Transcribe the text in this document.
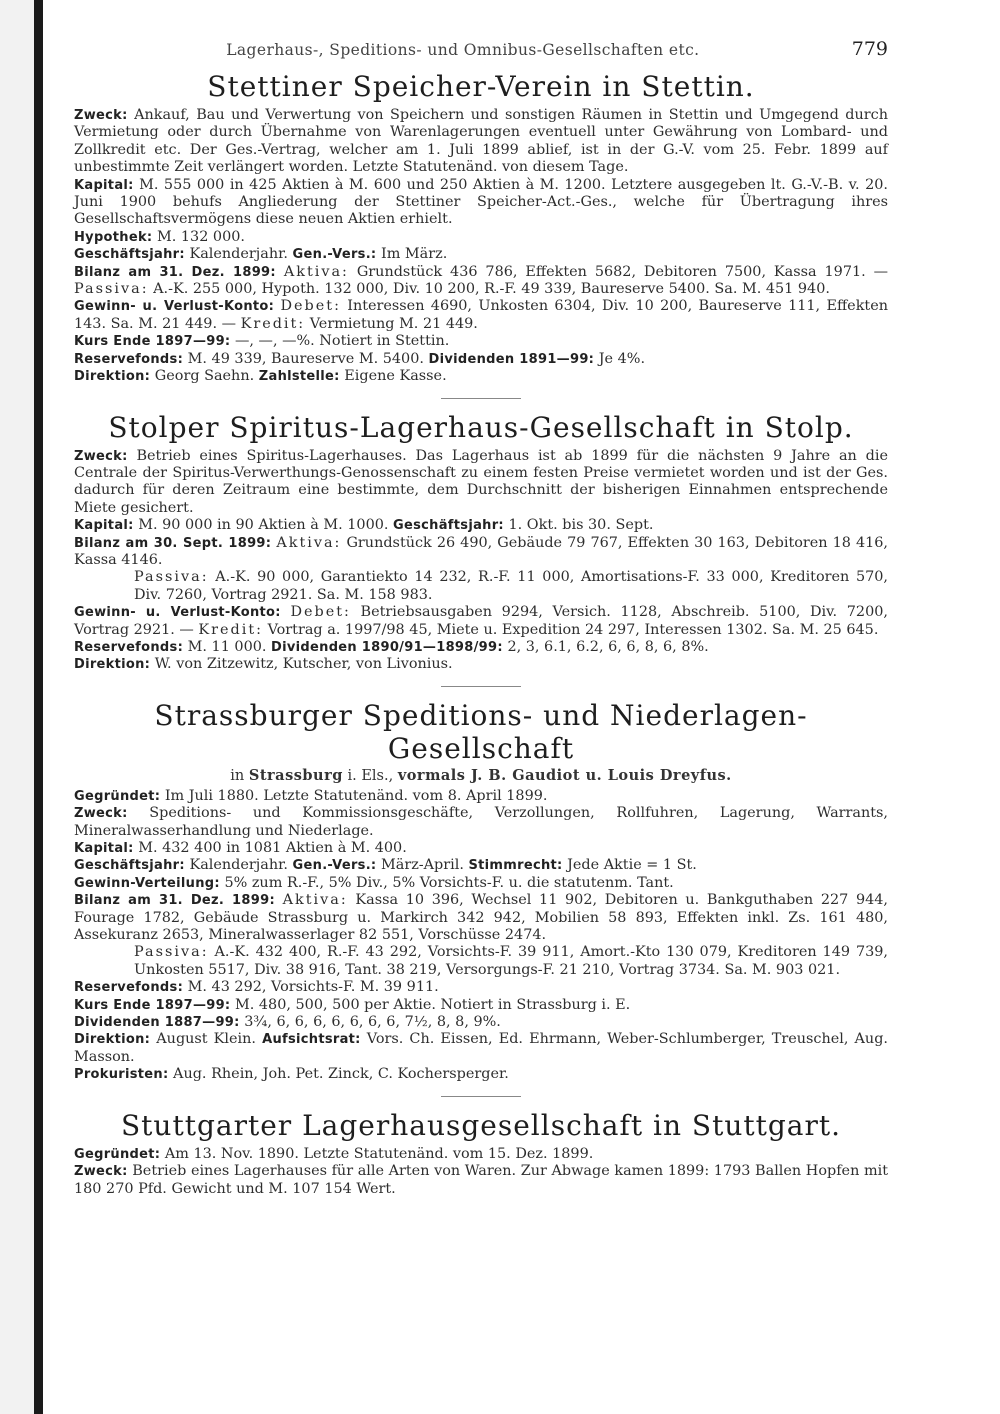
Lagerhaus-, Speditions- und Omnibus-Gesellschaften etc.	779
Stettiner Speicher-Verein in Stettin.

Zweck: Ankauf, Bau und Verwertung von Speichern und sonstigen Räumen in Stettin und Umgegend durch Vermietung oder durch Übernahme von Warenlagerungen eventuell unter Gewährung von Lombard- und Zollkredit etc. Der Ges.-Vertrag, welcher am 1. Juli 1899 ablief, ist in der G.-V. vom 25. Febr. 1899 auf unbestimmte Zeit verlängert worden. Letzte Statutenänd. von diesem Tage.

Kapital: M. 555 000 in 425 Aktien à M. 600 und 250 Aktien à M. 1200. Letztere ausgegeben lt. G.-V.-B. v. 20. Juni 1900 behufs Angliederung der Stettiner Speicher-Act.-Ges., welche für Übertragung ihres Gesellschaftsvermögens diese neuen Aktien erhielt.

Hypothek: M. 132 000.

Geschäftsjahr: Kalenderjahr. Gen.-Vers.: Im März.

Bilanz am 31. Dez. 1899: Aktiva: Grundstück 436 786, Effekten 5682, Debitoren 7500, Kassa 1971. — Passiva: A.-K. 255 000, Hypoth. 132 000, Div. 10 200, R.-F. 49 339, Baureserve 5400. Sa. M. 451 940.

Gewinn- u. Verlust-Konto: Debet: Interessen 4690, Unkosten 6304, Div. 10 200, Baureserve 111, Effekten 143. Sa. M. 21 449. — Kredit: Vermietung M. 21 449.

Kurs Ende 1897—99: —, —, —%. Notiert in Stettin.

Reservefonds: M. 49 339, Baureserve M. 5400. Dividenden 1891—99: Je 4%.

Direktion: Georg Saehn. Zahlstelle: Eigene Kasse.

Stolper Spiritus-Lagerhaus-Gesellschaft in Stolp.

Zweck: Betrieb eines Spiritus-Lagerhauses. Das Lagerhaus ist ab 1899 für die nächsten 9 Jahre an die Centrale der Spiritus-Verwerthungs-Genossenschaft zu einem festen Preise vermietet worden und ist der Ges. dadurch für deren Zeitraum eine bestimmte, dem Durchschnitt der bisherigen Einnahmen entsprechende Miete gesichert.

Kapital: M. 90 000 in 90 Aktien à M. 1000. Geschäftsjahr: 1. Okt. bis 30. Sept.

Bilanz am 30. Sept. 1899: Aktiva: Grundstück 26 490, Gebäude 79 767, Effekten 30 163, Debitoren 18 416, Kassa 4146.

Passiva: A.-K. 90 000, Garantiekto 14 232, R.-F. 11 000, Amortisations-F. 33 000, Kreditoren 570, Div. 7260, Vortrag 2921. Sa. M. 158 983.

Gewinn- u. Verlust-Konto: Debet: Betriebsausgaben 9294, Versich. 1128, Abschreib. 5100, Div. 7200, Vortrag 2921. — Kredit: Vortrag a. 1997/98 45, Miete u. Expedition 24 297, Interessen 1302. Sa. M. 25 645.

Reservefonds: M. 11 000. Dividenden 1890/91—1898/99: 2, 3, 6.1, 6.2, 6, 6, 8, 6, 8%.

Direktion: W. von Zitzewitz, Kutscher, von Livonius.

Strassburger Speditions- und Niederlagen-Gesellschaft
in Strassburg i. Els., vormals J. B. Gaudiot u. Louis Dreyfus.

Gegründet: Im Juli 1880. Letzte Statutenänd. vom 8. April 1899.

Zweck: Speditions- und Kommissionsgeschäfte, Verzollungen, Rollfuhren, Lagerung, Warrants, Mineralwasserhandlung und Niederlage.

Kapital: M. 432 400 in 1081 Aktien à M. 400.

Geschäftsjahr: Kalenderjahr. Gen.-Vers.: März-April. Stimmrecht: Jede Aktie = 1 St.

Gewinn-Verteilung: 5% zum R.-F., 5% Div., 5% Vorsichts-F. u. die statutenm. Tant.

Bilanz am 31. Dez. 1899: Aktiva: Kassa 10 396, Wechsel 11 902, Debitoren u. Bankguthaben 227 944, Fourage 1782, Gebäude Strassburg u. Markirch 342 942, Mobilien 58 893, Effekten inkl. Zs. 161 480, Assekuranz 2653, Mineralwasserlager 82 551, Vorschüsse 2474.

Passiva: A.-K. 432 400, R.-F. 43 292, Vorsichts-F. 39 911, Amort.-Kto 130 079, Kreditoren 149 739, Unkosten 5517, Div. 38 916, Tant. 38 219, Versorgungs-F. 21 210, Vortrag 3734. Sa. M. 903 021.

Reservefonds: M. 43 292, Vorsichts-F. M. 39 911.

Kurs Ende 1897—99: M. 480, 500, 500 per Aktie. Notiert in Strassburg i. E.

Dividenden 1887—99: 3¾, 6, 6, 6, 6, 6, 6, 6, 7½, 8, 8, 9%.

Direktion: August Klein. Aufsichtsrat: Vors. Ch. Eissen, Ed. Ehrmann, Weber-Schlumberger, Treuschel, Aug. Masson.

Prokuristen: Aug. Rhein, Joh. Pet. Zinck, C. Kochersperger.

Stuttgarter Lagerhausgesellschaft in Stuttgart.

Gegründet: Am 13. Nov. 1890. Letzte Statutenänd. vom 15. Dez. 1899.

Zweck: Betrieb eines Lagerhauses für alle Arten von Waren. Zur Abwage kamen 1899: 1793 Ballen Hopfen mit 180 270 Pfd. Gewicht und M. 107 154 Wert.
